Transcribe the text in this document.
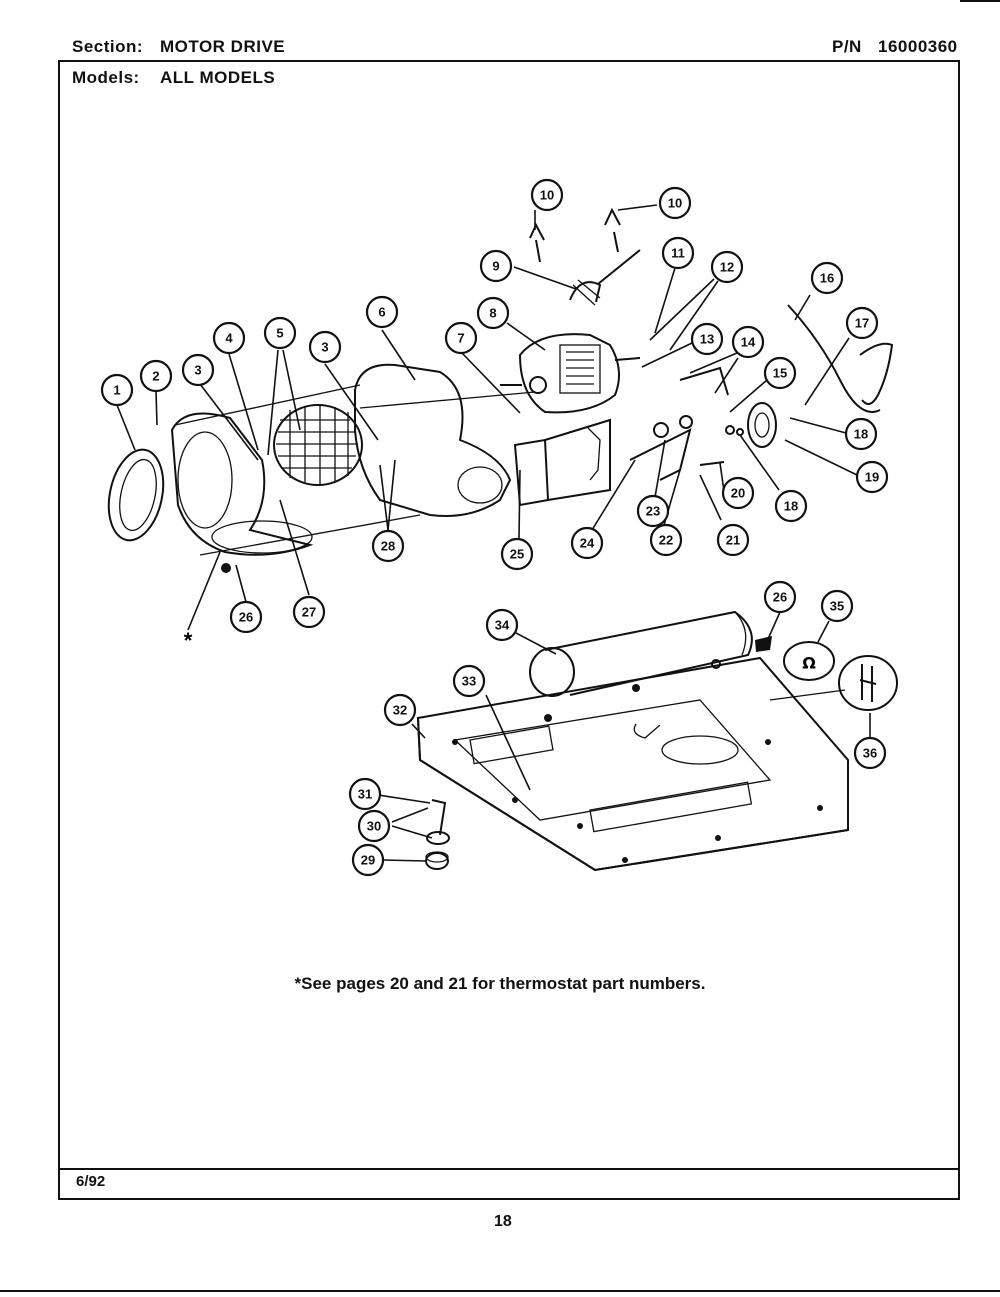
Section: MOTOR DRIVE	P/N 16000360
Models: ALL MODELS
1
2	3
3
4	5
6
7
8
9
10
10
11
12
13 14
15
16
17
18
18
19
20
21
22
23
24
25
26
26	27
28
29
30
31
32
33
34
35
36
*
Ω
*See pages 20 and 21 for thermostat part numbers.
6/92
18
